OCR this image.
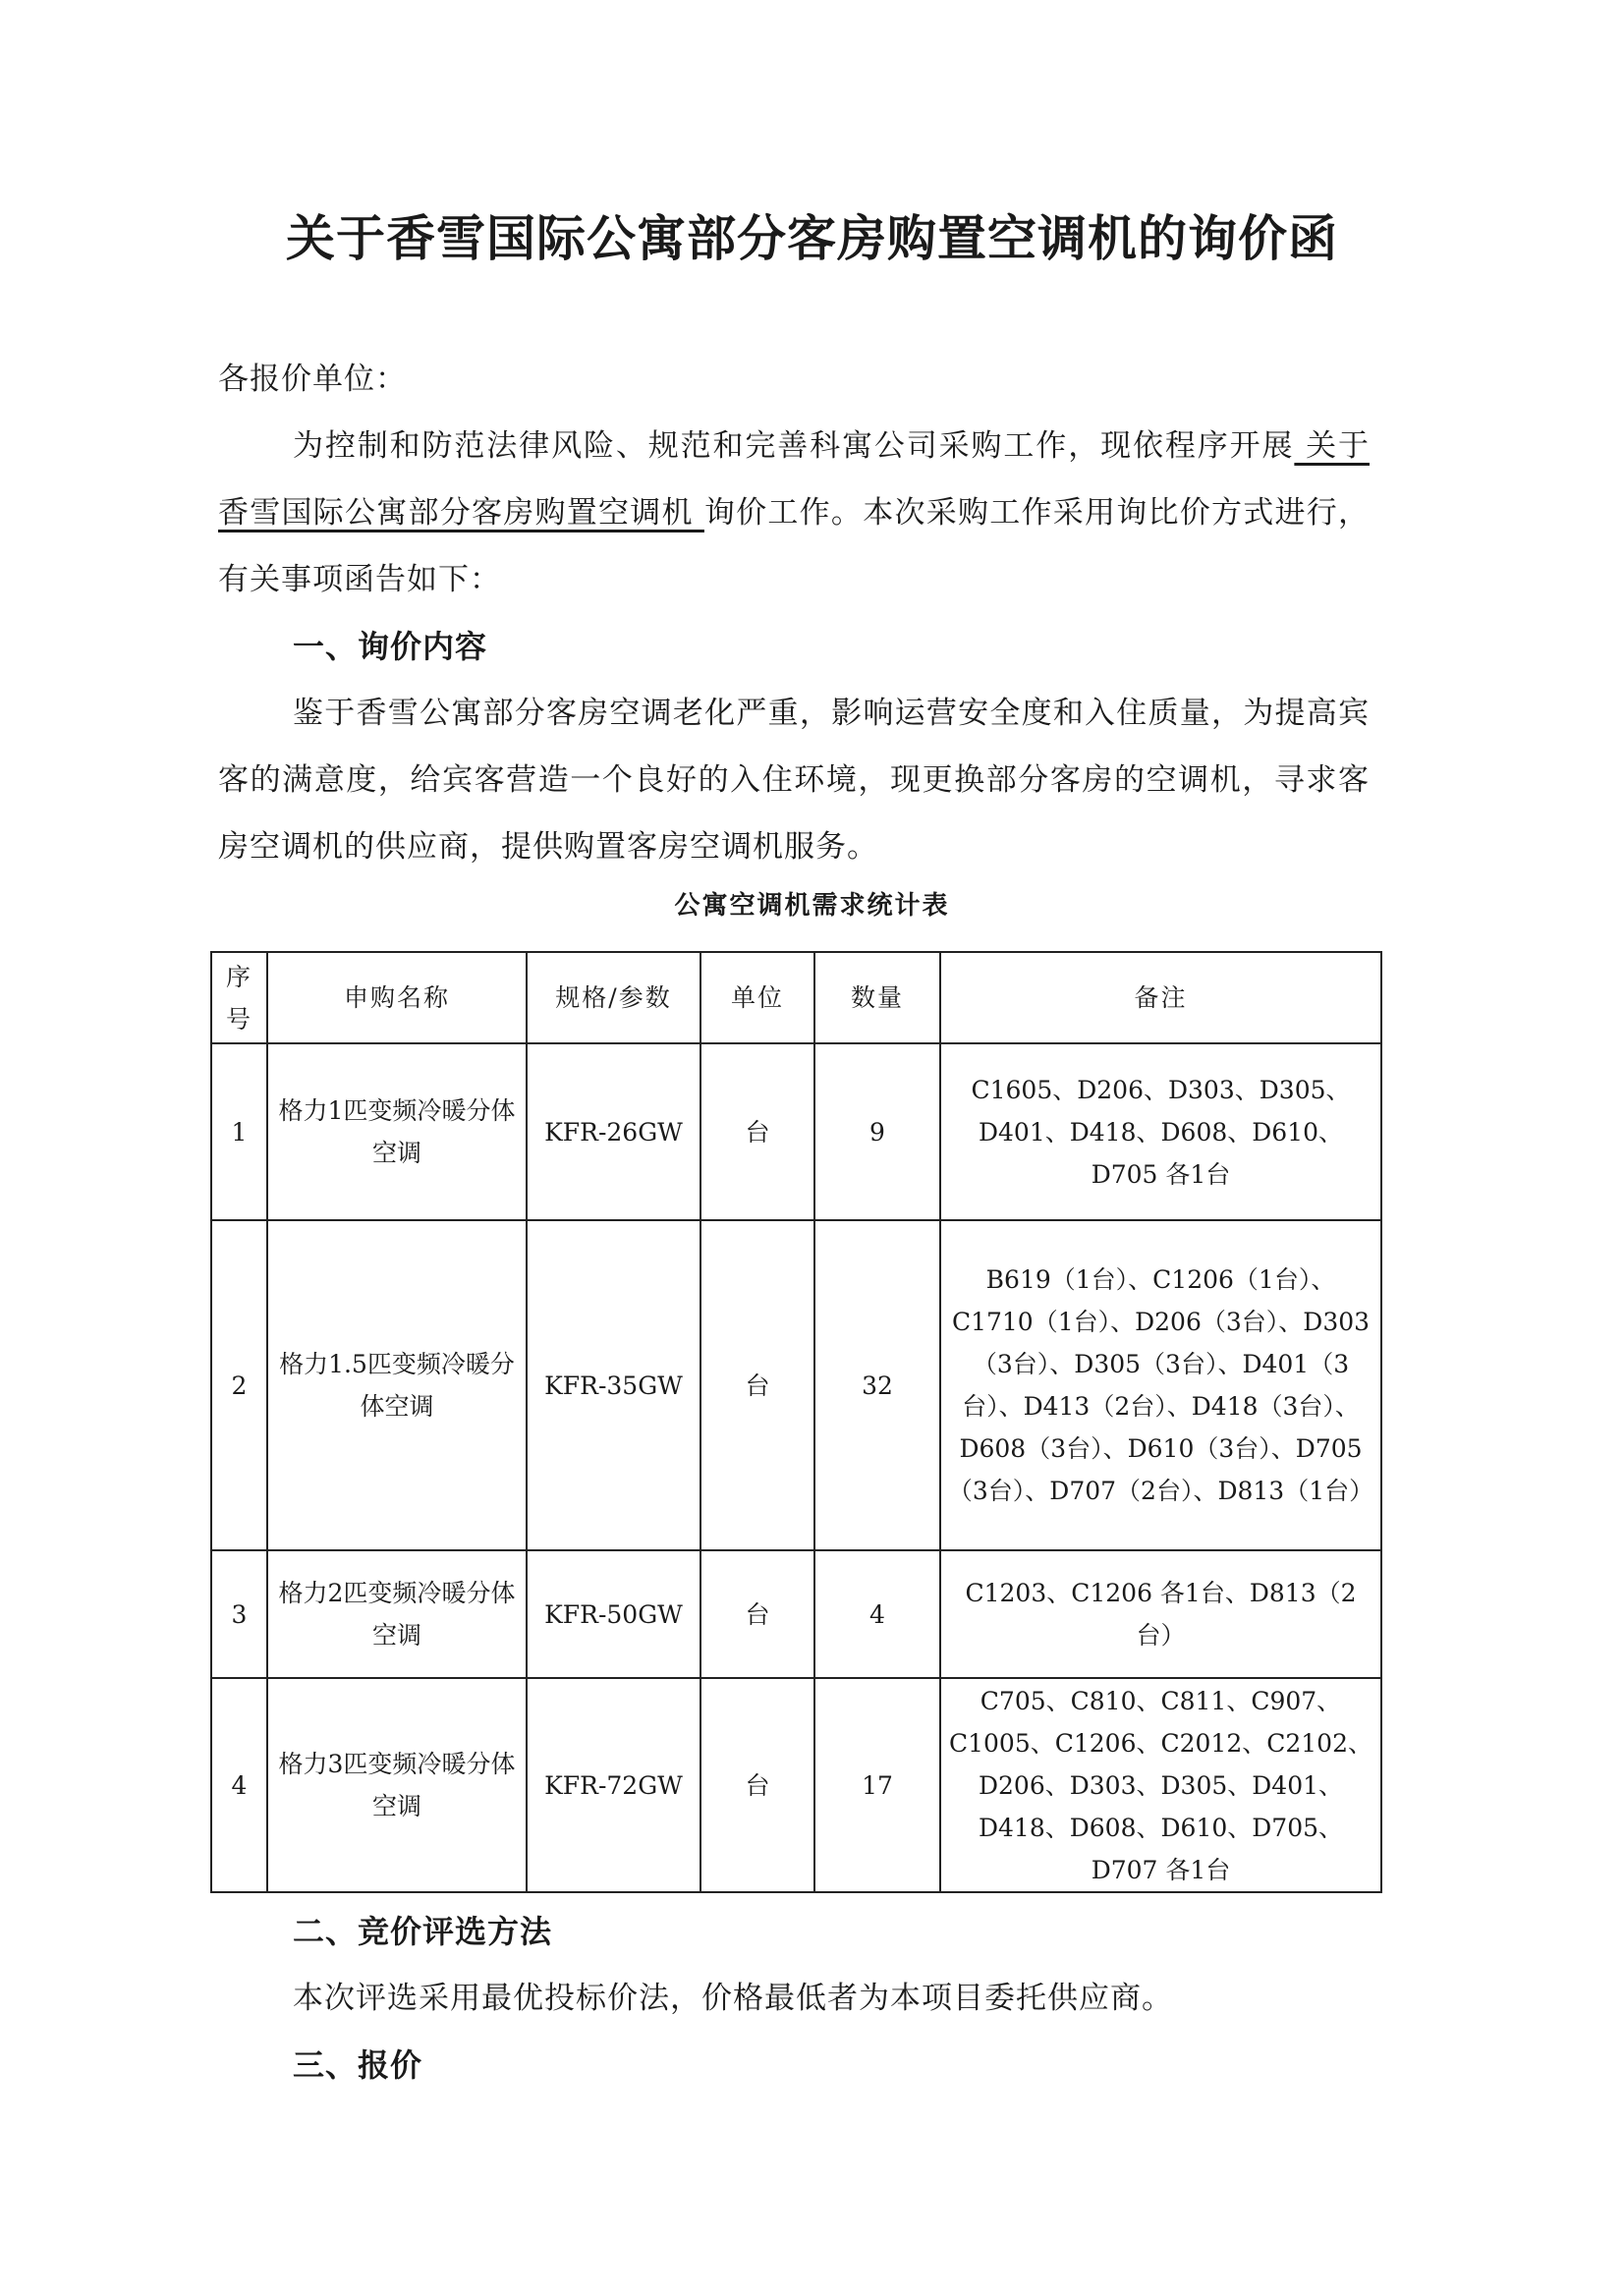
关于香雪国际公寓部分客房购置空调机的询价函
各报价单位：
为控制和防范法律风险、规范和完善科寓公司采购工作，现依程序开展 关于香雪国际公寓部分客房购置空调机 询价工作。本次采购工作采用询比价方式进行，有关事项函告如下：
一、询价内容
鉴于香雪公寓部分客房空调老化严重，影响运营安全度和入住质量，为提高宾客的满意度，给宾客营造一个良好的入住环境，现更换部分客房的空调机，寻求客房空调机的供应商，提供购置客房空调机服务。
公寓空调机需求统计表
序号	申购名称	规格/参数	单位	数量	备注
1	格力1匹变频冷暖分体空调	KFR-26GW	台	9	C1605、D206、D303、D305、D401、D418、D608、D610、D705 各1台
2	格力1.5匹变频冷暖分体空调	KFR-35GW	台	32	B619（1台）、C1206（1台）、C1710（1台）、D206（3台）、D303（3台）、D305（3台）、D401（3台）、D413（2台）、D418（3台）、D608（3台）、D610（3台）、D705（3台）、D707（2台）、D813（1台）
3	格力2匹变频冷暖分体空调	KFR-50GW	台	4	C1203、C1206 各1台、D813（2台）
4	格力3匹变频冷暖分体空调	KFR-72GW	台	17	C705、C810、C811、C907、C1005、C1206、C2012、C2102、D206、D303、D305、D401、D418、D608、D610、D705、D707 各1台
二、竞价评选方法
本次评选采用最优投标价法，价格最低者为本项目委托供应商。
三、报价
